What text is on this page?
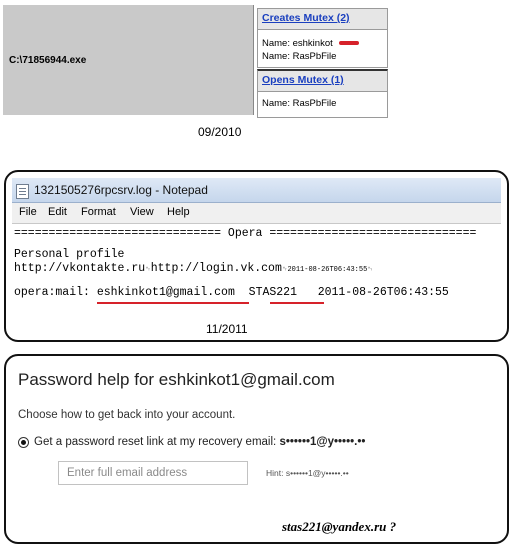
C:\71856944.exe
Creates Mutex (2)
Name: eshkinkot
Name: RasPbFile
Opens Mutex (1)
Name: RasPbFile
09/2010
1321505276rpcsrv.log - Notepad
File Edit Format View Help

============================== Opera ==============================

Personal profile

http://vkontakte.ru␉http://login.vk.com␉2011-08-26T06:43:55␉

opera:mail: eshkinkot1@gmail.com STAS221 2011-08-26T06:43:55

11/2011
Password help for eshkinkot1@gmail.com
Choose how to get back into your account.
Get a password reset link at my recovery email: s••••••1@y•••••.••
Enter full email address
Hint: s••••••1@y•••••.••
stas221@yandex.ru ?
